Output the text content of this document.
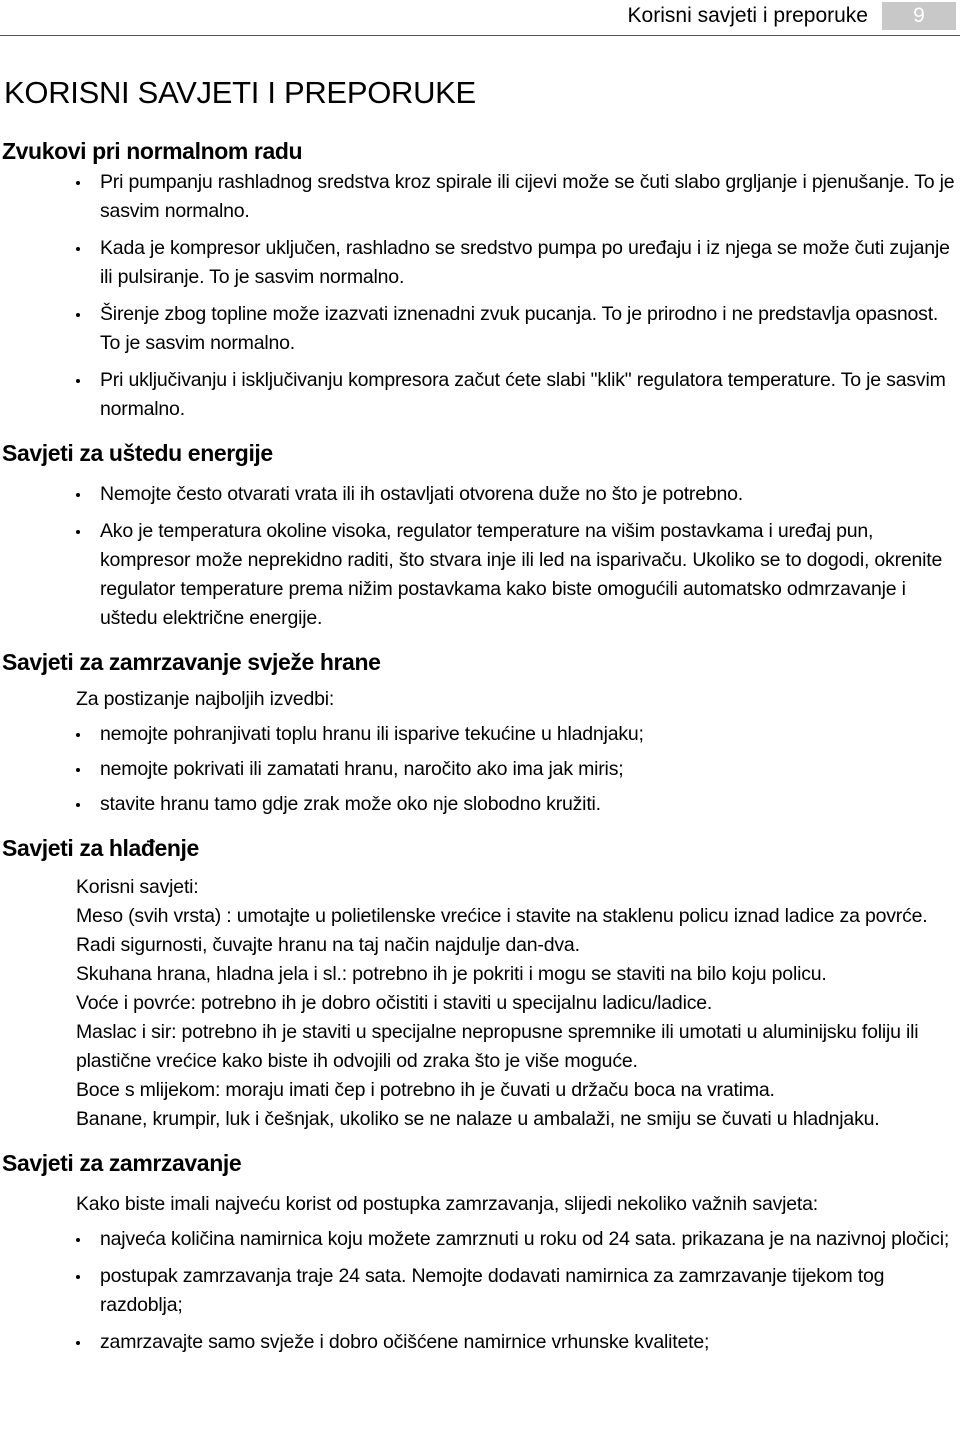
Korisni savjeti i preporuke	9
KORISNI SAVJETI I PREPORUKE
Zvukovi pri normalnom radu
Pri pumpanju rashladnog sredstva kroz spirale ili cijevi može se čuti slabo grgljanje i pjenušanje. To je sasvim normalno.
Kada je kompresor uključen, rashladno se sredstvo pumpa po uređaju i iz njega se može čuti zujanje ili pulsiranje. To je sasvim normalno.
Širenje zbog topline može izazvati iznenadni zvuk pucanja. To je prirodno i ne predstavlja opasnost. To je sasvim normalno.
Pri uključivanju i isključivanju kompresora začut ćete slabi "klik" regulatora temperature. To je sasvim normalno.
Savjeti za uštedu energije
Nemojte često otvarati vrata ili ih ostavljati otvorena duže no što je potrebno.
Ako je temperatura okoline visoka, regulator temperature na višim postavkama i uređaj pun, kompresor može neprekidno raditi, što stvara inje ili led na isparivaču. Ukoliko se to dogodi, okrenite regulator temperature prema nižim postavkama kako biste omogućili automatsko odmrzavanje i uštedu električne energije.
Savjeti za zamrzavanje svježe hrane
Za postizanje najboljih izvedbi:
nemojte pohranjivati toplu hranu ili isparive tekućine u hladnjaku;
nemojte pokrivati ili zamatati hranu, naročito ako ima jak miris;
stavite hranu tamo gdje zrak može oko nje slobodno kružiti.
Savjeti za hlađenje
Korisni savjeti:
Meso (svih vrsta) : umotajte u polietilenske vrećice i stavite na staklenu policu iznad ladice za povrće.
Radi sigurnosti, čuvajte hranu na taj način najdulje dan-dva.
Skuhana hrana, hladna jela i sl.: potrebno ih je pokriti i mogu se staviti na bilo koju policu.
Voće i povrće: potrebno ih je dobro očistiti i staviti u specijalnu ladicu/ladice.
Maslac i sir: potrebno ih je staviti u specijalne nepropusne spremnike ili umotati u aluminijsku foliju ili plastične vrećice kako biste ih odvojili od zraka što je više moguće.
Boce s mlijekom: moraju imati čep i potrebno ih je čuvati u držaču boca na vratima.
Banane, krumpir, luk i češnjak, ukoliko se ne nalaze u ambalaži, ne smiju se čuvati u hladnjaku.
Savjeti za zamrzavanje
Kako biste imali najveću korist od postupka zamrzavanja, slijedi nekoliko važnih savjeta:
najveća količina namirnica koju možete zamrznuti u roku od 24 sata. prikazana je na nazivnoj pločici;
postupak zamrzavanja traje 24 sata. Nemojte dodavati namirnica za zamrzavanje tijekom tog razdoblja;
zamrzavajte samo svježe i dobro očišćene namirnice vrhunske kvalitete;
